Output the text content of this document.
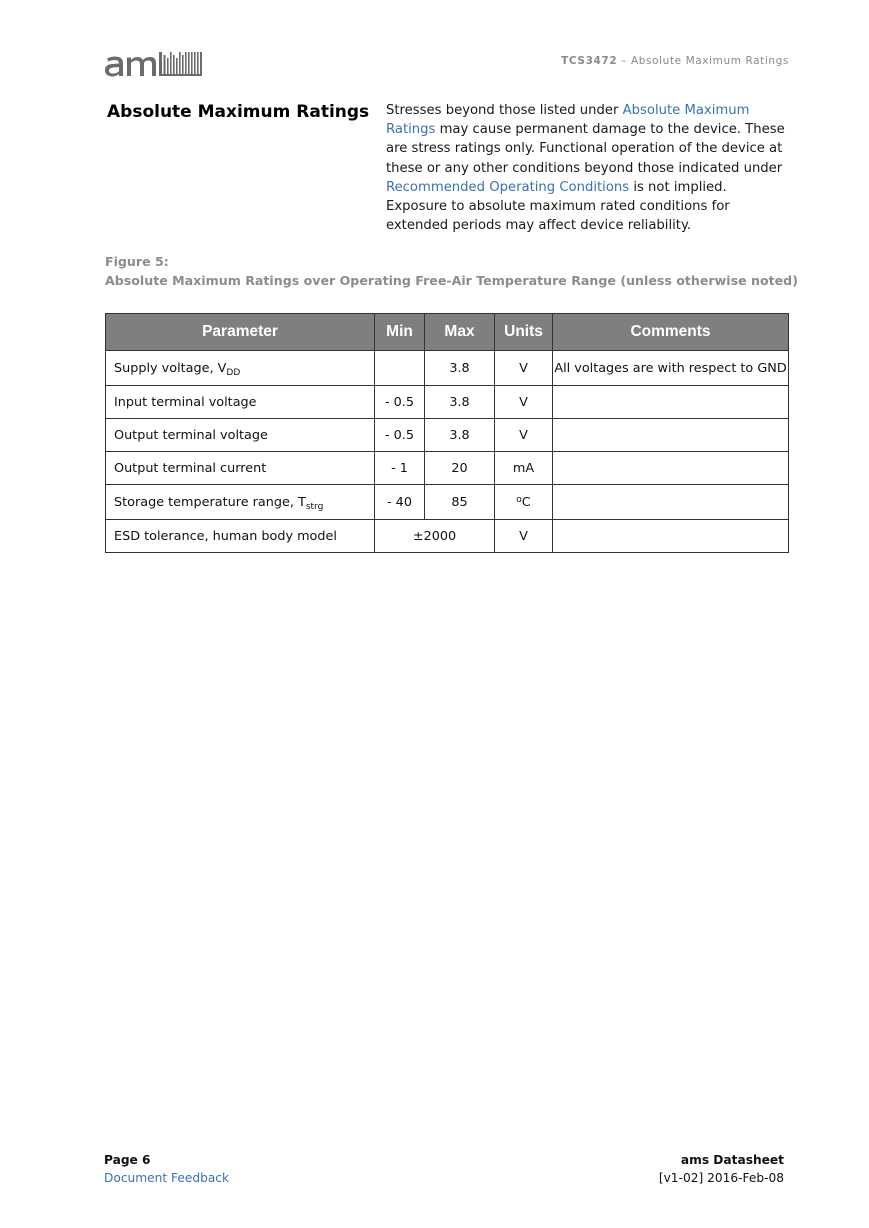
TCS3472 – Absolute Maximum Ratings
Absolute Maximum Ratings Stresses beyond those listed under Absolute Maximum Ratings may cause permanent damage to the device. These are stress ratings only. Functional operation of the device at these or any other conditions beyond those indicated under Recommended Operating Conditions is not implied. Exposure to absolute maximum rated conditions for extended periods may affect device reliability.
Figure 5:
Absolute Maximum Ratings over Operating Free-Air Temperature Range (unless otherwise noted)
Parameter	Min	Max	Units	Comments
Supply voltage, $V_{DD}$		3.8	V	All voltages are with respect to GND
Input terminal voltage	- 0.5	3.8	V	
Output terminal voltage	- 0.5	3.8	V	
Output terminal current	- 1	20	mA	
Storage temperature range, $T_{strg}$	- 40	85	$^o$C	
ESD tolerance, human body model	±2000		V	
Page 6
Document Feedback
ams Datasheet
[v1-02] 2016-Feb-08
